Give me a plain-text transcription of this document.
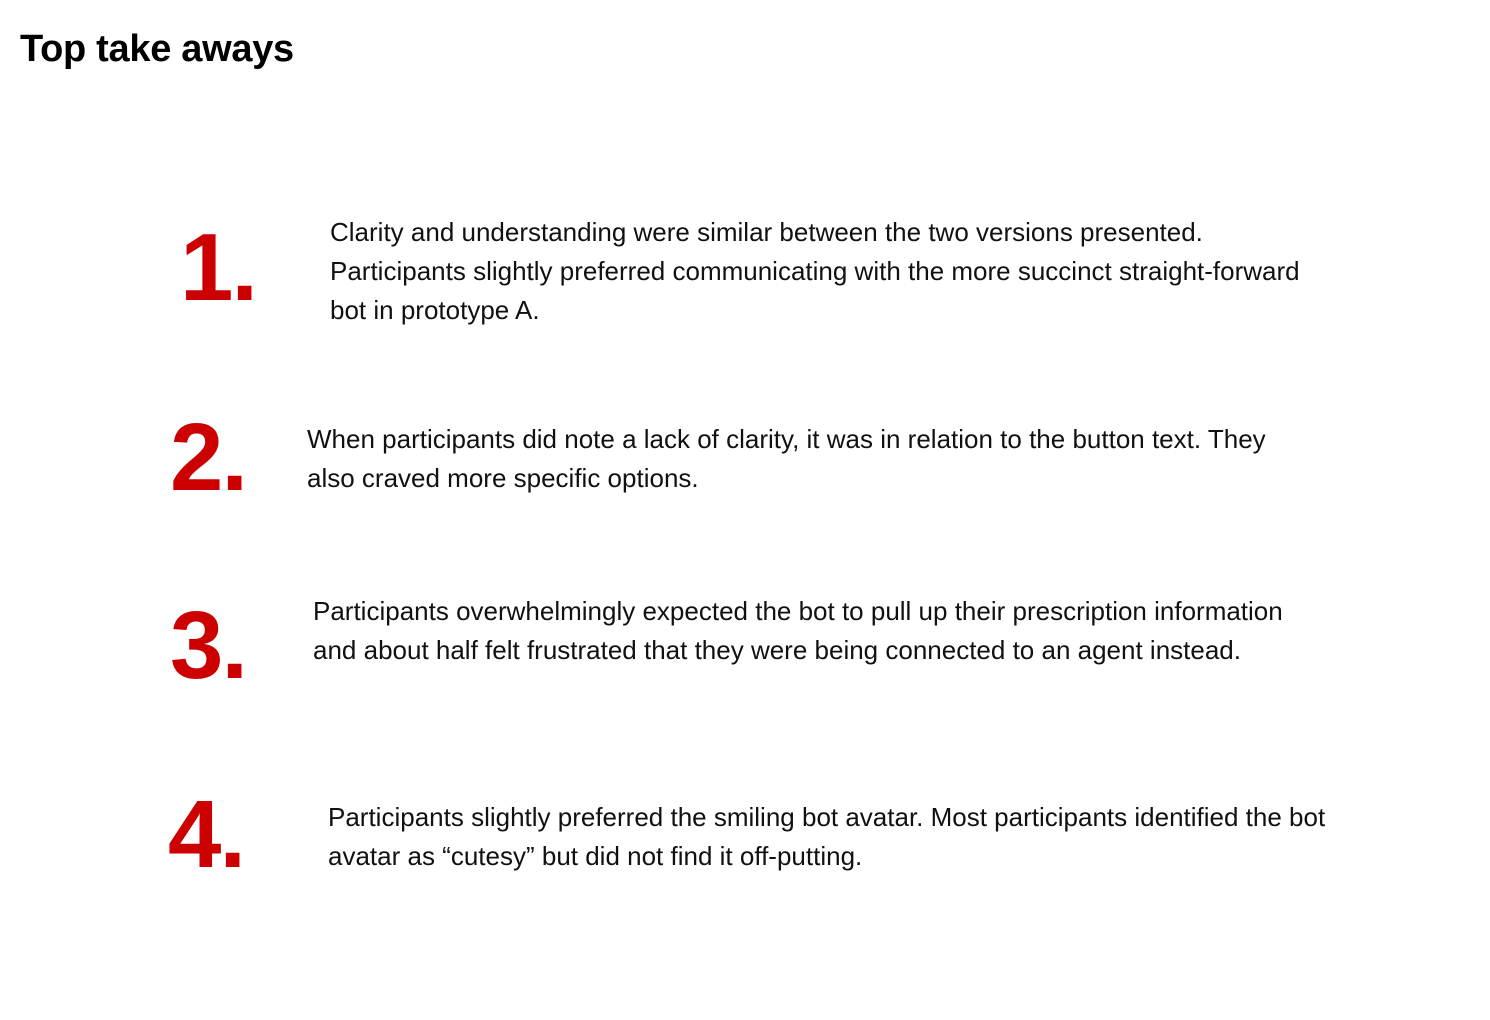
Top take aways
1.	Clarity and understanding were similar between the two versions presented. Participants slightly preferred communicating with the more succinct straight-forward bot in prototype A.

2. When participants did note a lack of clarity, it was in relation to the button text. They also craved more specific options.

3.	Participants overwhelmingly expected the bot to pull up their prescription information and about half felt frustrated that they were being connected to an agent instead.

4.	Participants slightly preferred the smiling bot avatar. Most participants identified the bot avatar as “cutesy” but did not find it off-putting.
